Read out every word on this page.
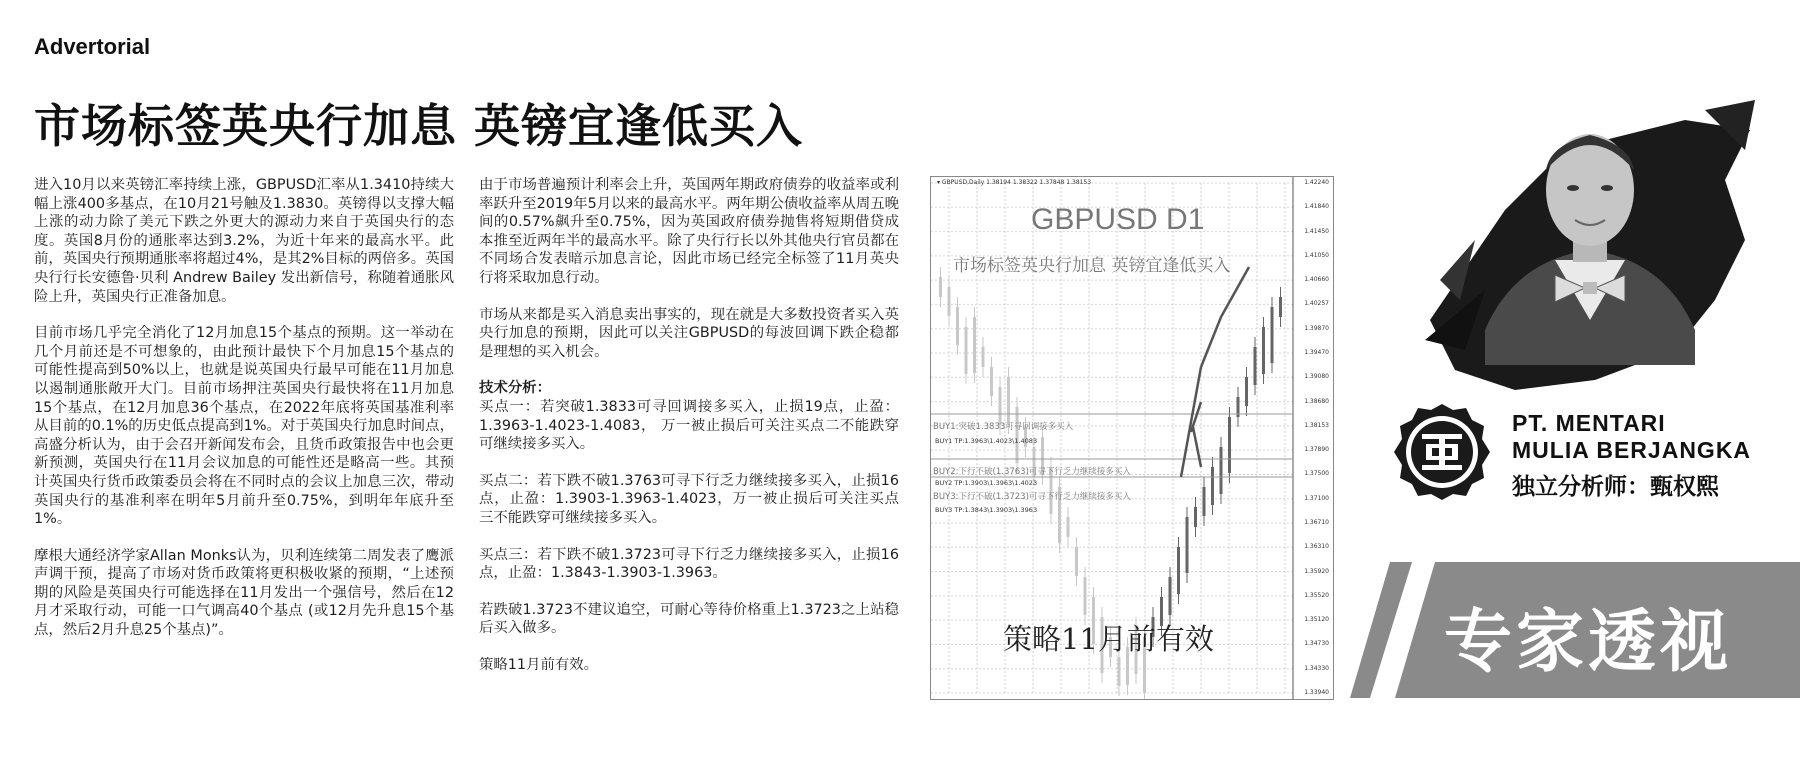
Advertorial
市场标签英央行加息 英镑宜逢低买入

进入10月以来英镑汇率持续上涨，GBPUSD汇率从1.3410持续大幅上涨400多基点，在10月21号触及1.3830。英镑得以支撑大幅上涨的动力除了美元下跌之外更大的源动力来自于英国央行的态度。英国8月份的通胀率达到3.2%，为近十年来的最高水平。此前，英国央行预期通胀率将超过4%，是其2%目标的两倍多。英国央行行长安德鲁·贝利 Andrew Bailey 发出新信号，称随着通胀风险上升，英国央行正准备加息。

目前市场几乎完全消化了12月加息15个基点的预期。这一举动在几个月前还是不可想象的，由此预计最快下个月加息15个基点的可能性提高到50%以上，也就是说英国央行最早可能在11月加息以遏制通胀敞开大门。目前市场押注英国央行最快将在11月加息15个基点，在12月加息36个基点，在2022年底将英国基准利率从目前的0.1%的历史低点提高到1%。对于英国央行加息时间点，高盛分析认为，由于会召开新闻发布会，且货币政策报告中也会更新预测，英国央行在11月会议加息的可能性还是略高一些。其预计英国央行货币政策委员会将在不同时点的会议上加息三次，带动英国央行的基准利率在明年5月前升至0.75%，到明年年底升至1%。

摩根大通经济学家Allan Monks认为，贝利连续第二周发表了鹰派声调干预，提高了市场对货币政策将更积极收紧的预期，“上述预期的风险是英国央行可能选择在11月发出一个强信号，然后在12月才采取行动，可能一口气调高40个基点 (或12月先升息15个基点，然后2月升息25个基点)”。

由于市场普遍预计利率会上升，英国两年期政府债券的收益率或利率跃升至2019年5月以来的最高水平。两年期公债收益率从周五晚间的0.57%飙升至0.75%，因为英国政府债券抛售将短期借贷成本推至近两年半的最高水平。除了央行行长以外其他央行官员都在不同场合发表暗示加息言论，因此市场已经完全标签了11月英央行将采取加息行动。

市场从来都是买入消息卖出事实的，现在就是大多数投资者买入英央行加息的预期，因此可以关注GBPUSD的每波回调下跌企稳都是理想的买入机会。

技术分析：

买点一：若突破1.3833可寻回调接多买入，止损19点，止盈：1.3963-1.4023-1.4083， 万一被止损后可关注买点二不能跌穿可继续接多买入。

买点二：若下跌不破1.3763可寻下行乏力继续接多买入，止损16点，止盈：1.3903-1.3963-1.4023，万一被止损后可关注买点三不能跌穿可继续接多买入。

买点三：若下跌不破1.3723可寻下行乏力继续接多买入，止损16点，止盈：1.3843-1.3903-1.3963。

若跌破1.3723不建议追空，可耐心等待价格重上1.3723之上站稳后买入做多。

策略11月前有效。

▾ GBPUSD,Daily 1.38194 1.38322 1.37848 1.38153
GBPUSD D1
市场标签英央行加息 英镑宜逢低买入
BUY1:突破1.3833可寻回调接多买入
BUY1 TP:1.3963\1.4023\1.4083
BUY2:下行不破(1.3763)可寻下行乏力继续接多买入
BUY2 TP:1.3903\1.3963\1.4023
BUY3:下行不破(1.3723)可寻下行乏力继续接多买入
BUY3 TP:1.3843\1.3903\1.3963
策略11月前有效
1.42240
1.41840
1.41450
1.41050
1.40660
1.40257
1.39870
1.39470
1.39080
1.38680
1.38153
1.37890
1.37500
1.37100
1.36710
1.36310
1.35920
1.35520
1.35120
1.34730
1.34330
1.33940
PT. MENTARI
MULIA BERJANGKA
独立分析师：甄权熙
专家透视
